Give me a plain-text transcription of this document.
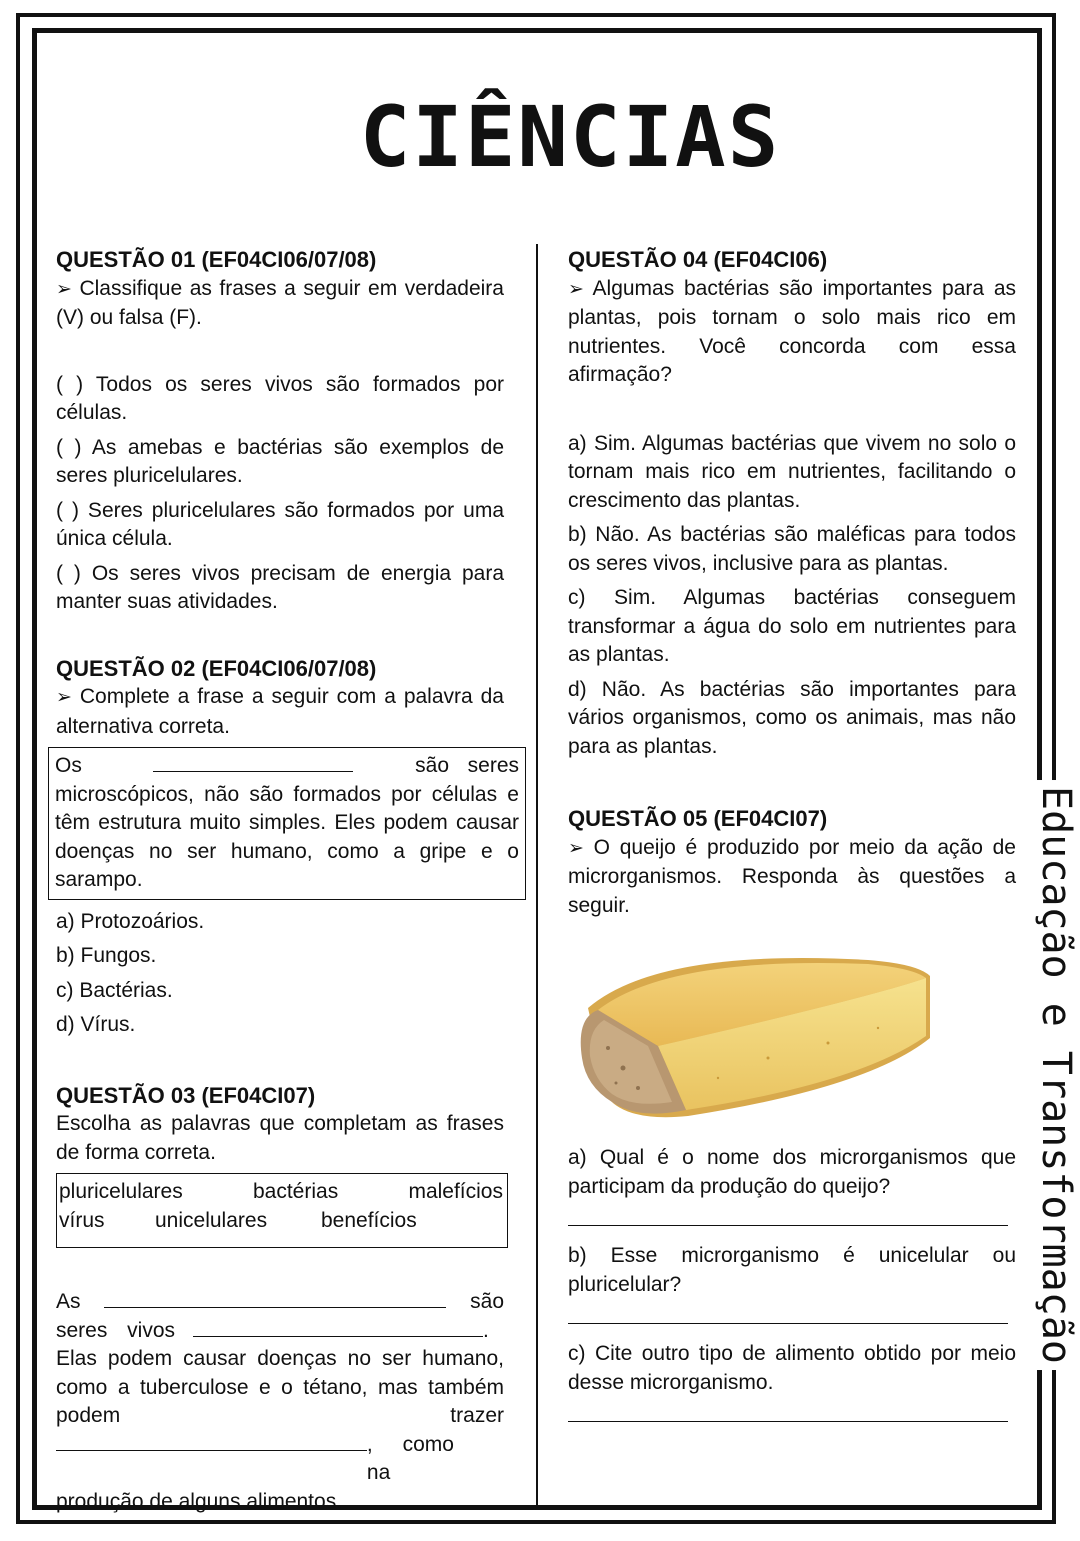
CIÊNCIAS
Educação e Transformação
QUESTÃO 01 (EF04CI06/07/08)

➢ Classifique as frases a seguir em verdadeira (V) ou falsa (F).

( ) Todos os seres vivos são formados por células.

( ) As amebas e bactérias são exemplos de seres pluricelulares.

( ) Seres pluricelulares são formados por uma única célula.

( ) Os seres vivos precisam de energia para manter suas atividades.

QUESTÃO 02 (EF04CI06/07/08)

➢ Complete a frase a seguir com a palavra da alternativa correta.

Os	são seres microscópicos, não são formados por células e têm estrutura muito simples. Eles podem causar doenças no ser humano, como a gripe e o sarampo.

a) Protozoários.

b) Fungos.

c) Bactérias.

d) Vírus.

QUESTÃO 03 (EF04CI07)

Escolha as palavras que completam as frases de forma correta.

pluricelulares	bactérias	malefícios
vírus	unicelulares	benefícios
As	são
seres vivos	.

Elas podem causar doenças no ser humano, como a tuberculose e o tétano, mas também podem trazer

, como na

produção de alguns alimentos.

QUESTÃO 04 (EF04CI06)

➢ Algumas bactérias são importantes para as plantas, pois tornam o solo mais rico em nutrientes. Você concorda com essa afirmação?

a) Sim. Algumas bactérias que vivem no solo o tornam mais rico em nutrientes, facilitando o crescimento das plantas.

b) Não. As bactérias são maléficas para todos os seres vivos, inclusive para as plantas.

c) Sim. Algumas bactérias conseguem transformar a água do solo em nutrientes para as plantas.

d) Não. As bactérias são importantes para vários organismos, como os animais, mas não para as plantas.

QUESTÃO 05 (EF04CI07)

➢ O queijo é produzido por meio da ação de microrganismos. Responda às questões a seguir.

a) Qual é o nome dos microrganismos que participam da produção do queijo?

b) Esse microrganismo é unicelular ou pluricelular?

c) Cite outro tipo de alimento obtido por meio desse microrganismo.
